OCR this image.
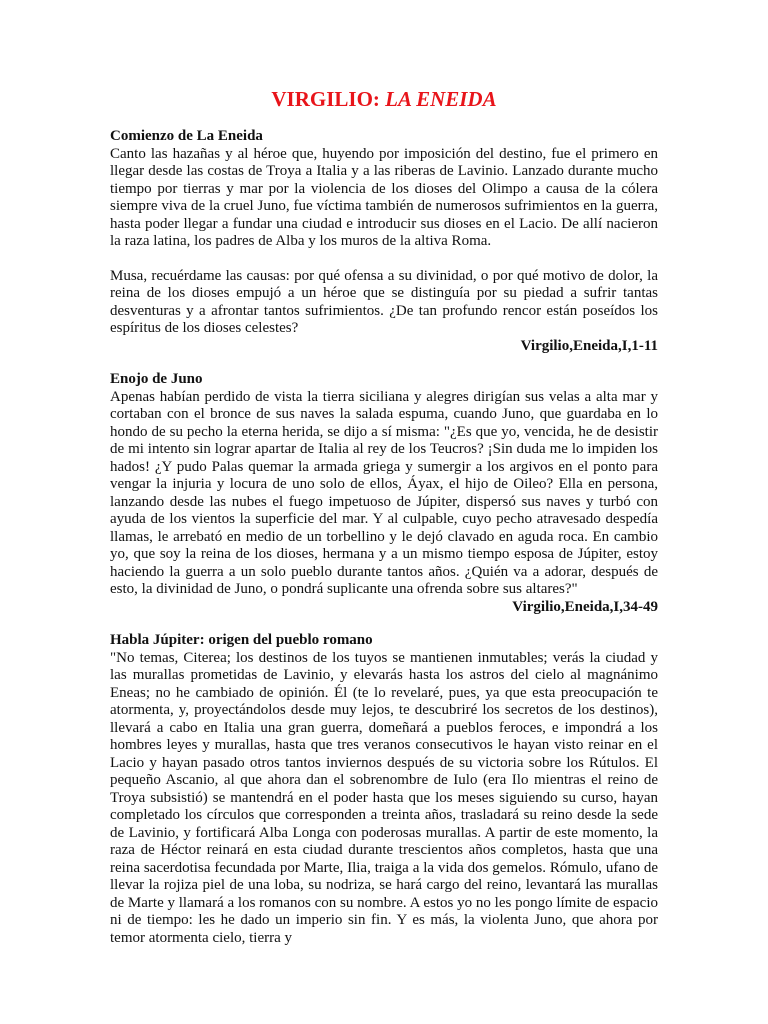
VIRGILIO: LA ENEIDA

Comienzo de La Eneida

Canto las hazañas y al héroe que, huyendo por imposición del destino, fue el primero en llegar desde las costas de Troya a Italia y a las riberas de Lavinio. Lanzado durante mucho tiempo por tierras y mar por la violencia de los dioses del Olimpo a causa de la cólera siempre viva de la cruel Juno, fue víctima también de numerosos sufrimientos en la guerra, hasta poder llegar a fundar una ciudad e introducir sus dioses en el Lacio. De allí nacieron la raza latina, los padres de Alba y los muros de la altiva Roma.

Musa, recuérdame las causas: por qué ofensa a su divinidad, o por qué motivo de dolor, la reina de los dioses empujó a un héroe que se distinguía por su piedad a sufrir tantas desventuras y a afrontar tantos sufrimientos. ¿De tan profundo rencor están poseídos los espíritus de los dioses celestes?

Virgilio,Eneida,I,1-11

Enojo de Juno

Apenas habían perdido de vista la tierra siciliana y alegres dirigían sus velas a alta mar y cortaban con el bronce de sus naves la salada espuma, cuando Juno, que guardaba en lo hondo de su pecho la eterna herida, se dijo a sí misma: "¿Es que yo, vencida, he de desistir de mi intento sin lograr apartar de Italia al rey de los Teucros? ¡Sin duda me lo impiden los hados! ¿Y pudo Palas quemar la armada griega y sumergir a los argivos en el ponto para vengar la injuria y locura de uno solo de ellos, Áyax, el hijo de Oileo? Ella en persona, lanzando desde las nubes el fuego impetuoso de Júpiter, dispersó sus naves y turbó con ayuda de los vientos la superficie del mar. Y al culpable, cuyo pecho atravesado despedía llamas, le arrebató en medio de un torbellino y le dejó clavado en aguda roca. En cambio yo, que soy la reina de los dioses, hermana y a un mismo tiempo esposa de Júpiter, estoy haciendo la guerra a un solo pueblo durante tantos años. ¿Quién va a adorar, después de esto, la divinidad de Juno, o pondrá suplicante una ofrenda sobre sus altares?"

Virgilio,Eneida,I,34-49

Habla Júpiter: origen del pueblo romano

"No temas, Citerea; los destinos de los tuyos se mantienen inmutables; verás la ciudad y las murallas prometidas de Lavinio, y elevarás hasta los astros del cielo al magnánimo Eneas; no he cambiado de opinión. Él (te lo revelaré, pues, ya que esta preocupación te atormenta, y, proyectándolos desde muy lejos, te descubriré los secretos de los destinos), llevará a cabo en Italia una gran guerra, domeñará a pueblos feroces, e impondrá a los hombres leyes y murallas, hasta que tres veranos consecutivos le hayan visto reinar en el Lacio y hayan pasado otros tantos inviernos después de su victoria sobre los Rútulos. El pequeño Ascanio, al que ahora dan el sobrenombre de Iulo (era Ilo mientras el reino de Troya subsistió) se mantendrá en el poder hasta que los meses siguiendo su curso, hayan completado los círculos que corresponden a treinta años, trasladará su reino desde la sede de Lavinio, y fortificará Alba Longa con poderosas murallas. A partir de este momento, la raza de Héctor reinará en esta ciudad durante trescientos años completos, hasta que una reina sacerdotisa fecundada por Marte, Ilia, traiga a la vida dos gemelos. Rómulo, ufano de llevar la rojiza piel de una loba, su nodriza, se hará cargo del reino, levantará las murallas de Marte y llamará a los romanos con su nombre. A estos yo no les pongo límite de espacio ni de tiempo: les he dado un imperio sin fin. Y es más, la violenta Juno, que ahora por temor atormenta cielo, tierra y
